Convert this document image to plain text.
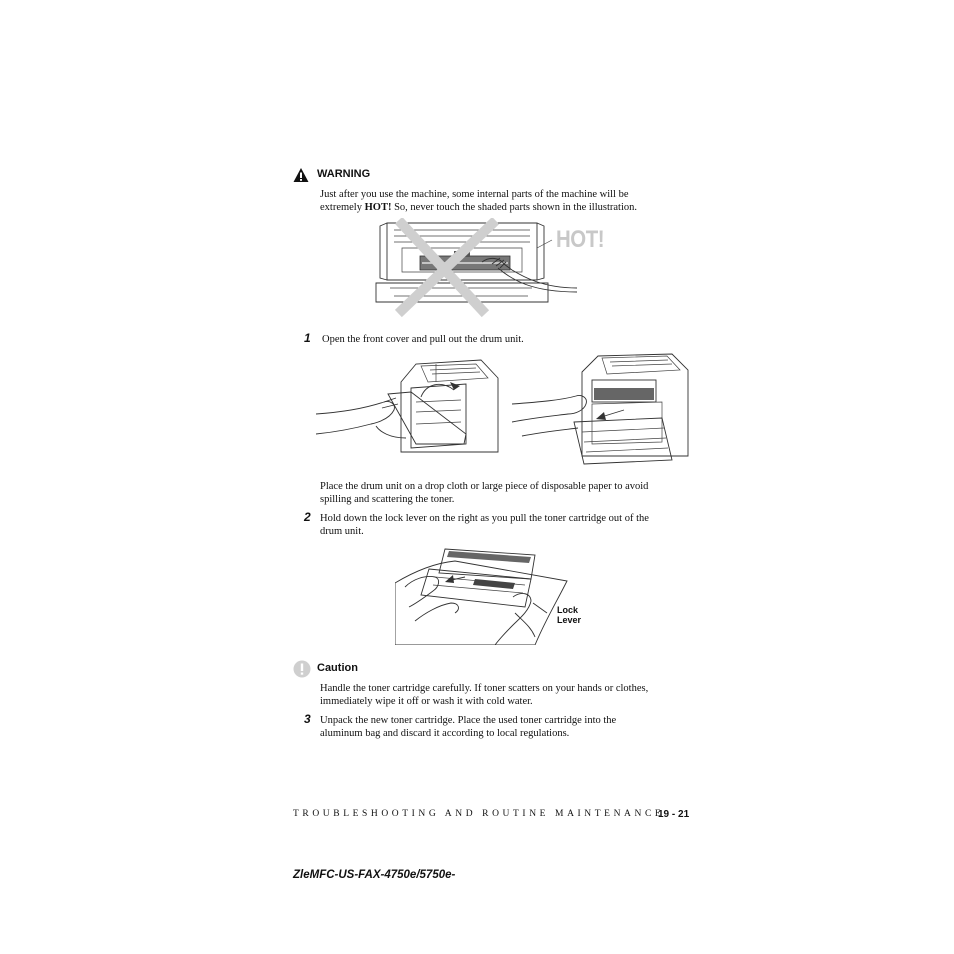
WARNING
Just after you use the machine, some internal parts of the machine will be
extremely HOT! So, never touch the shaded parts shown in the illustration.
HOT!
1 Open the front cover and pull out the drum unit.
Place the drum unit on a drop cloth or large piece of disposable paper to avoid
spilling and scattering the toner.
2 Hold down the lock lever on the right as you pull the toner cartridge out of the
drum unit.
Lock
Lever
Caution
Handle the toner cartridge carefully. If toner scatters on your hands or clothes,
immediately wipe it off or wash it with cold water.
3 Unpack the new toner cartridge. Place the used toner cartridge into the
aluminum bag and discard it according to local regulations.
TROUBLESHOOTING AND ROUTINE MAINTENANCE
19 - 21
ZleMFC-US-FAX-4750e/5750e-
